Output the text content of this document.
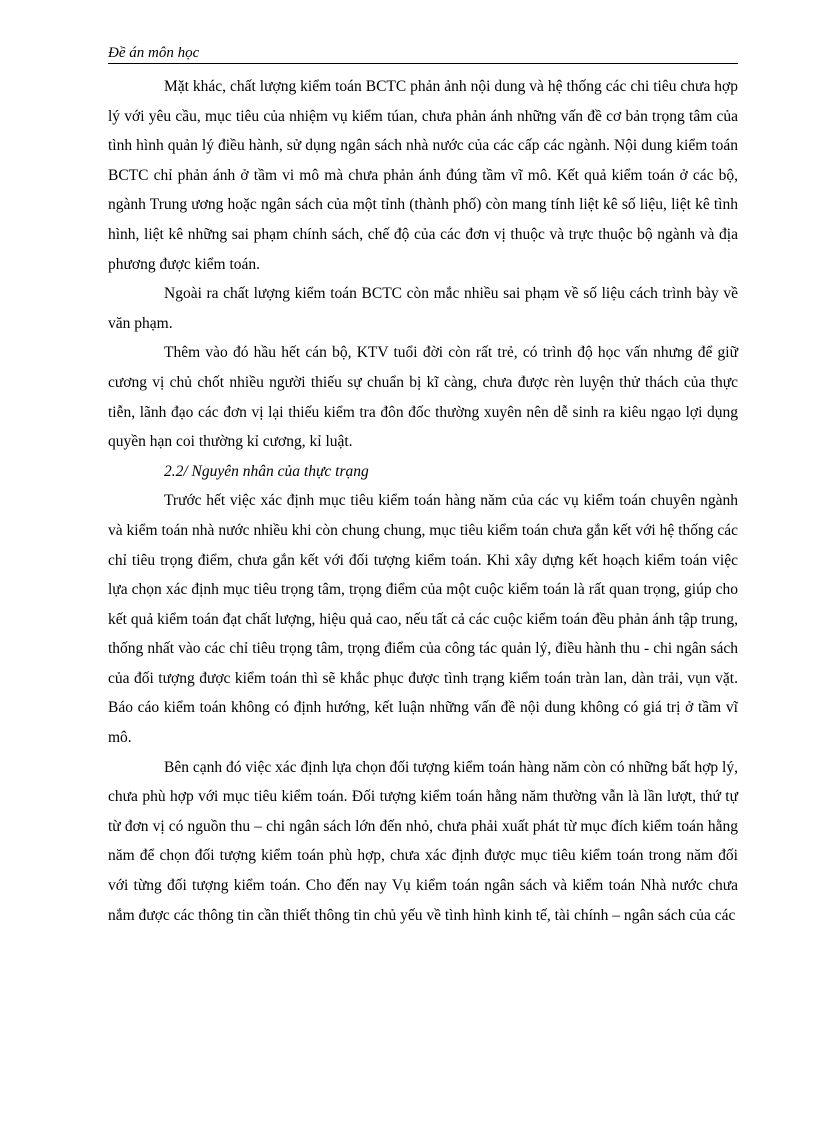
Đề án môn học

Mặt khác, chất lượng kiểm toán BCTC phản ảnh nội dung và hệ thống các chi tiêu chưa hợp lý với yêu cầu, mục tiêu của nhiệm vụ kiểm túan, chưa phản ánh những vấn đề cơ bản trọng tâm của tình hình quản lý điều hành, sử dụng ngân sách nhà nước của các cấp các ngành. Nội dung kiểm toán BCTC chỉ phản ánh ở tầm vi mô mà chưa phản ánh đúng tầm vĩ mô. Kết quả kiểm toán ở các bộ, ngành Trung ương hoặc ngân sách của một tỉnh (thành phố) còn mang tính liệt kê số liệu, liệt kê tình hình, liệt kê những sai phạm chính sách, chế độ của các đơn vị thuộc và trực thuộc bộ ngành và địa phương được kiểm toán.

Ngoài ra chất lượng kiểm toán BCTC còn mắc nhiều sai phạm về số liệu cách trình bày về văn phạm.

Thêm vào đó hầu hết cán bộ, KTV tuổi đời còn rất trẻ, có trình độ học vấn nhưng để giữ cương vị chủ chốt nhiều người thiếu sự chuẩn bị kĩ càng, chưa được rèn luyện thử thách của thực tiễn, lãnh đạo các đơn vị lại thiếu kiểm tra đôn đốc thường xuyên nên dễ sinh ra kiêu ngạo lợi dụng quyền hạn coi thường kỉ cương, kỉ luật.

2.2/ Nguyên nhân của thực trạng

Trước hết việc xác định mục tiêu kiểm toán hàng năm của các vụ kiểm toán chuyên ngành và kiểm toán nhà nước nhiều khi còn chung chung, mục tiêu kiểm toán chưa gắn kết với hệ thống các chỉ tiêu trọng điểm, chưa gắn kết với đối tượng kiểm toán. Khi xây dựng kết hoạch kiểm toán việc lựa chọn xác định mục tiêu trọng tâm, trọng điểm của một cuộc kiểm toán là rất quan trọng, giúp cho kết quả kiểm toán đạt chất lượng, hiệu quả cao, nếu tất cả các cuộc kiểm toán đều phản ánh tập trung, thống nhất vào các chỉ tiêu trọng tâm, trọng điểm của công tác quản lý, điều hành thu - chi ngân sách của đối tượng được kiểm toán thì sẽ khắc phục được tình trạng kiểm toán tràn lan, dàn trải, vụn vặt. Báo cáo kiểm toán không có định hướng, kết luận những vấn đề nội dung không có giá trị ở tầm vĩ mô.

Bên cạnh đó việc xác định lựa chọn đối tượng kiểm toán hàng năm còn có những bất hợp lý, chưa phù hợp với mục tiêu kiểm toán. Đối tượng kiểm toán hằng năm thường vẫn là lần lượt, thứ tự từ đơn vị có nguồn thu – chi ngân sách lớn đến nhỏ, chưa phải xuất phát từ mục đích kiểm toán hằng năm để chọn đối tượng kiểm toán phù hợp, chưa xác định được mục tiêu kiểm toán trong năm đối với từng đối tượng kiểm toán. Cho đến nay Vụ kiểm toán ngân sách và kiểm toán Nhà nước chưa nắm được các thông tin cần thiết thông tin chủ yếu về tình hình kinh tế, tài chính – ngân sách của các
